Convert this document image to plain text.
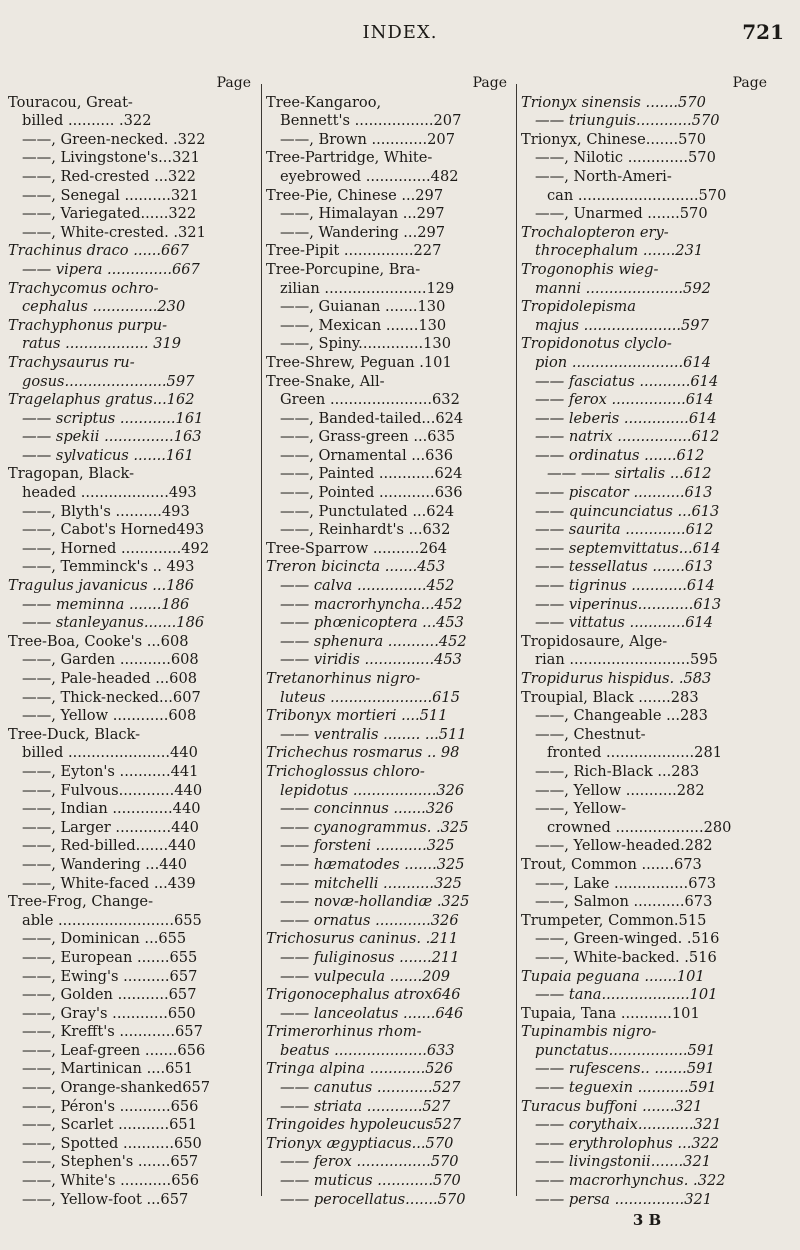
INDEX.	721
Page
Touracou, Great-
billed .......... .322
——, Green-necked. .322
——, Livingstone's...321
——, Red-crested ...322
——, Senegal ..........321
——, Variegated......322
——, White-crested. .321
Trachinus draco ......667
—— vipera ..............667
Trachycomus ochro-
cephalus ..............230
Trachyphonus purpu-
ratus .................. 319
Trachysaurus ru-
gosus......................597
Tragelaphus gratus...162
—— scriptus ............161
—— spekii ...............163
—— sylvaticus .......161
Tragopan, Black-
headed ...................493
——, Blyth's ..........493
——, Cabot's Horned493
——, Horned .............492
——, Temminck's .. 493
Tragulus javanicus ...186
—— meminna .......186
—— stanleyanus.......186
Tree-Boa, Cooke's ...608
——, Garden ...........608
——, Pale-headed ...608
——, Thick-necked...607
——, Yellow ............608
Tree-Duck, Black-
billed ......................440
——, Eyton's ...........441
——, Fulvous............440
——, Indian .............440
——, Larger ............440
——, Red-billed.......440
——, Wandering ...440
——, White-faced ...439
Tree-Frog, Change-
able .........................655
——, Dominican ...655
——, European .......655
——, Ewing's ..........657
——, Golden ...........657
——, Gray's ............650
——, Krefft's ............657
——, Leaf-green .......656
——, Martinican ....651
——, Orange-shanked657
——, Péron's ...........656
——, Scarlet ...........651
——, Spotted ...........650
——, Stephen's .......657
——, White's ...........656
——, Yellow-foot ...657
Page
Tree-Kangaroo,
Bennett's .................207
——, Brown ............207
Tree-Partridge, White-
eyebrowed ..............482
Tree-Pie, Chinese ...297
——, Himalayan ...297
——, Wandering ...297
Tree-Pipit ...............227
Tree-Porcupine, Bra-
zilian ......................129
——, Guianan .......130
——, Mexican .......130
——, Spiny..............130
Tree-Shrew, Peguan .101
Tree-Snake, All-
Green ......................632
——, Banded-tailed...624
——, Grass-green ...635
——, Ornamental ...636
——, Painted ............624
——, Pointed ............636
——, Punctulated ...624
——, Reinhardt's ...632
Tree-Sparrow ..........264
Treron bicincta .......453
—— calva ...............452
—— macrorhyncha...452
—— phœnicoptera ...453
—— sphenura ...........452
—— viridis ...............453
Tretanorhinus nigro-
luteus ......................615
Tribonyx mortieri ....511
—— ventralis ........ ...511
Trichechus rosmarus .. 98
Trichoglossus chloro-
lepidotus ..................326
—— concinnus .......326
—— cyanogrammus. .325
—— forsteni ...........325
—— hæmatodes .......325
—— mitchelli ...........325
—— novæ-hollandiæ .325
—— ornatus ............326
Trichosurus caninus. .211
—— fuliginosus .......211
—— vulpecula .......209
Trigonocephalus atrox646
—— lanceolatus .......646
Trimerorhinus rhom-
beatus ....................633
Tringa alpina ............526
—— canutus ............527
—— striata ............527
Tringoides hypoleucus527
Trionyx ægyptiacus...570
—— ferox ................570
—— muticus ............570
—— perocellatus.......570
Page
Trionyx sinensis .......570
—— triunguis............570
Trionyx, Chinese.......570
——, Nilotic .............570
——, North-Ameri-
can ..........................570
——, Unarmed .......570
Trochalopteron ery-
throcephalum .......231
Trogonophis wieg-
manni .....................592
Tropidolepisma
majus .....................597
Tropidonotus clyclo-
pion ........................614
—— fasciatus ...........614
—— ferox ................614
—— leberis ..............614
—— natrix ................612
—— ordinatus .......612
—— —— sirtalis ...612
—— piscator ...........613
—— quincunciatus ...613
—— saurita .............612
—— septemvittatus...614
—— tessellatus .......613
—— tigrinus ............614
—— viperinus............613
—— vittatus ............614
Tropidosaure, Alge-
rian ..........................595
Tropidurus hispidus. .583
Troupial, Black .......283
——, Changeable ...283
——, Chestnut-
fronted ...................281
——, Rich-Black ...283
——, Yellow ...........282
——, Yellow-
crowned ...................280
——, Yellow-headed.282
Trout, Common .......673
——, Lake ................673
——, Salmon ...........673
Trumpeter, Common.515
——, Green-winged. .516
——, White-backed. .516
Tupaia peguana .......101
—— tana...................101
Tupaia, Tana ...........101
Tupinambis nigro-
punctatus.................591
—— rufescens.. .......591
—— teguexin ...........591
Turacus buffoni .......321
—— corythaix............321
—— erythrolophus ...322
—— livingstonii.......321
—— macrorhynchus. .322
—— persa ...............321
3 B
